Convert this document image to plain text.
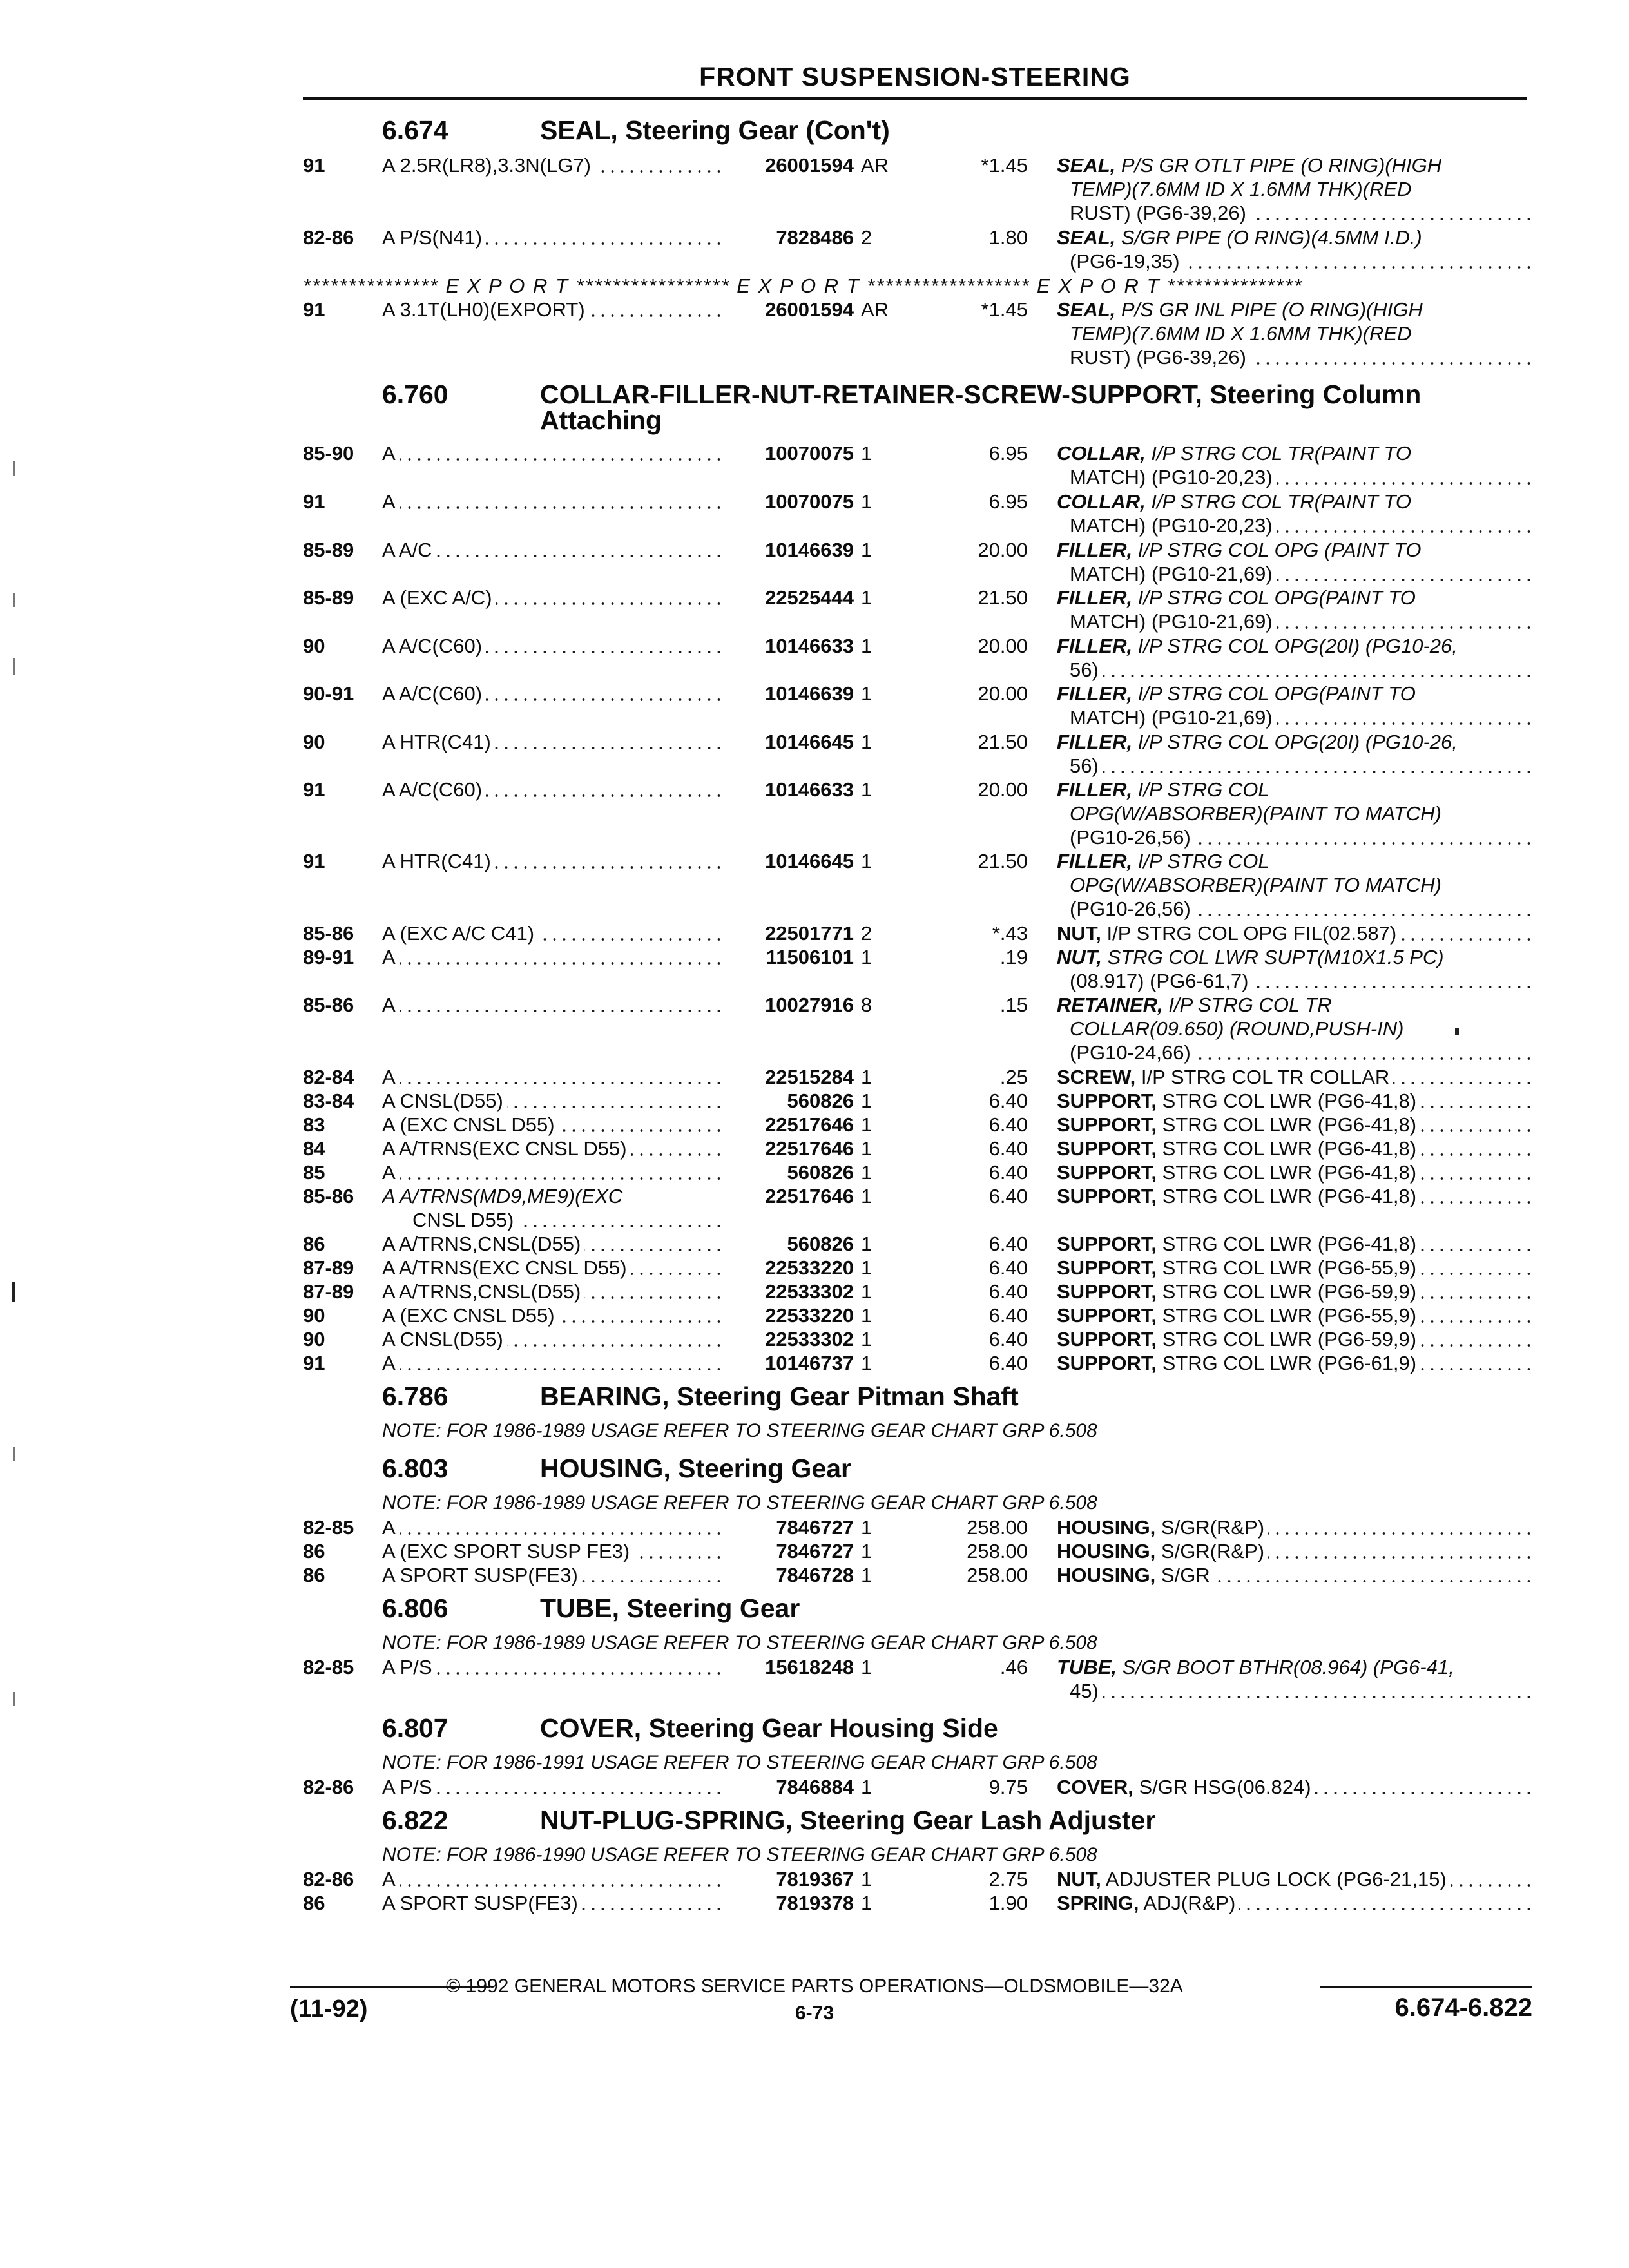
FRONT SUSPENSION-STEERING
6.674	SEAL, Steering Gear (Con't)
91	A 2.5R(LR8),3.3N(LG7)	26001594 AR	*1.45 SEAL, P/S GR OTLT PIPE (O RING)(HIGH
TEMP)(7.6MM ID X 1.6MM THK)(RED
RUST) (PG6-39,26)
82-86	A P/S(N41)	7828486 2	1.80 SEAL, S/GR PIPE (O RING)(4.5MM I.D.)
(PG6-19,35)
*************** E X P O R T ***************** E X P O R T ****************** E X P O R T ***************
91	A 3.1T(LH0)(EXPORT)	26001594 AR	*1.45 SEAL, P/S GR INL PIPE (O RING)(HIGH
TEMP)(7.6MM ID X 1.6MM THK)(RED
RUST) (PG6-39,26)
6.760	COLLAR-FILLER-NUT-RETAINER-SCREW-SUPPORT, Steering Column
Attaching
85-90	A	10070075 1	6.95 COLLAR, I/P STRG COL TR(PAINT TO
MATCH) (PG10-20,23)
91	A	10070075 1	6.95 COLLAR, I/P STRG COL TR(PAINT TO
MATCH) (PG10-20,23)
85-89	A A/C	10146639 1	20.00 FILLER, I/P STRG COL OPG (PAINT TO
MATCH) (PG10-21,69)
85-89	A (EXC A/C)	22525444 1	21.50 FILLER, I/P STRG COL OPG(PAINT TO
MATCH) (PG10-21,69)
90	A A/C(C60)	10146633 1	20.00 FILLER, I/P STRG COL OPG(20I) (PG10-26,
56)
90-91	A A/C(C60)	10146639 1	20.00 FILLER, I/P STRG COL OPG(PAINT TO
MATCH) (PG10-21,69)
90	A HTR(C41)	10146645 1	21.50 FILLER, I/P STRG COL OPG(20I) (PG10-26,
56)
91	A A/C(C60)	10146633 1	20.00 FILLER, I/P STRG COL
OPG(W/ABSORBER)(PAINT TO MATCH)
(PG10-26,56)
91	A HTR(C41)	10146645 1	21.50 FILLER, I/P STRG COL
OPG(W/ABSORBER)(PAINT TO MATCH)
(PG10-26,56)
85-86	A (EXC A/C C41)	22501771 2	*.43 NUT, I/P STRG COL OPG FIL(02.587)
89-91	A	11506101 1	.19 NUT, STRG COL LWR SUPT(M10X1.5 PC)
(08.917) (PG6-61,7)
85-86	A	10027916 8	.15 RETAINER, I/P STRG COL TR
COLLAR(09.650) (ROUND,PUSH-IN)
(PG10-24,66)
82-84	A	22515284 1	.25 SCREW, I/P STRG COL TR COLLAR
83-84	A CNSL(D55)	560826 1	6.40 SUPPORT, STRG COL LWR (PG6-41,8)
83	A (EXC CNSL D55)	22517646 1	6.40 SUPPORT, STRG COL LWR (PG6-41,8)
84	A A/TRNS(EXC CNSL D55)	22517646 1	6.40 SUPPORT, STRG COL LWR (PG6-41,8)
85	A	560826 1	6.40 SUPPORT, STRG COL LWR (PG6-41,8)
85-86	A A/TRNS(MD9,ME9)(EXC	22517646 1	6.40 SUPPORT, STRG COL LWR (PG6-41,8)
CNSL D55)
86	A A/TRNS,CNSL(D55)	560826 1	6.40 SUPPORT, STRG COL LWR (PG6-41,8)
87-89	A A/TRNS(EXC CNSL D55)	22533220 1	6.40 SUPPORT, STRG COL LWR (PG6-55,9)
87-89	A A/TRNS,CNSL(D55)	22533302 1	6.40 SUPPORT, STRG COL LWR (PG6-59,9)
90	A (EXC CNSL D55)	22533220 1	6.40 SUPPORT, STRG COL LWR (PG6-55,9)
90	A CNSL(D55)	22533302 1	6.40 SUPPORT, STRG COL LWR (PG6-59,9)
91	A	10146737 1	6.40 SUPPORT, STRG COL LWR (PG6-61,9)
6.786	BEARING, Steering Gear Pitman Shaft
NOTE: FOR 1986-1989 USAGE REFER TO STEERING GEAR CHART GRP 6.508
6.803	HOUSING, Steering Gear
NOTE: FOR 1986-1989 USAGE REFER TO STEERING GEAR CHART GRP 6.508
82-85	A	7846727 1	258.00 HOUSING, S/GR(R&P)
86	A (EXC SPORT SUSP FE3)	7846727 1	258.00 HOUSING, S/GR(R&P)
86	A SPORT SUSP(FE3)	7846728 1	258.00 HOUSING, S/GR
6.806	TUBE, Steering Gear
NOTE: FOR 1986-1989 USAGE REFER TO STEERING GEAR CHART GRP 6.508
82-85	A P/S	15618248 1	.46 TUBE, S/GR BOOT BTHR(08.964) (PG6-41,
45)
6.807	COVER, Steering Gear Housing Side
NOTE: FOR 1986-1991 USAGE REFER TO STEERING GEAR CHART GRP 6.508
82-86	A P/S	7846884 1	9.75 COVER, S/GR HSG(06.824)
6.822	NUT-PLUG-SPRING, Steering Gear Lash Adjuster
NOTE: FOR 1986-1990 USAGE REFER TO STEERING GEAR CHART GRP 6.508
82-86	A	7819367 1	2.75 NUT, ADJUSTER PLUG LOCK (PG6-21,15)
86	A SPORT SUSP(FE3)	7819378 1	1.90 SPRING, ADJ(R&P)
© 1992 GENERAL MOTORS SERVICE PARTS OPERATIONS—OLDSMOBILE—32A
(11-92)	6-73	6.674-6.822
